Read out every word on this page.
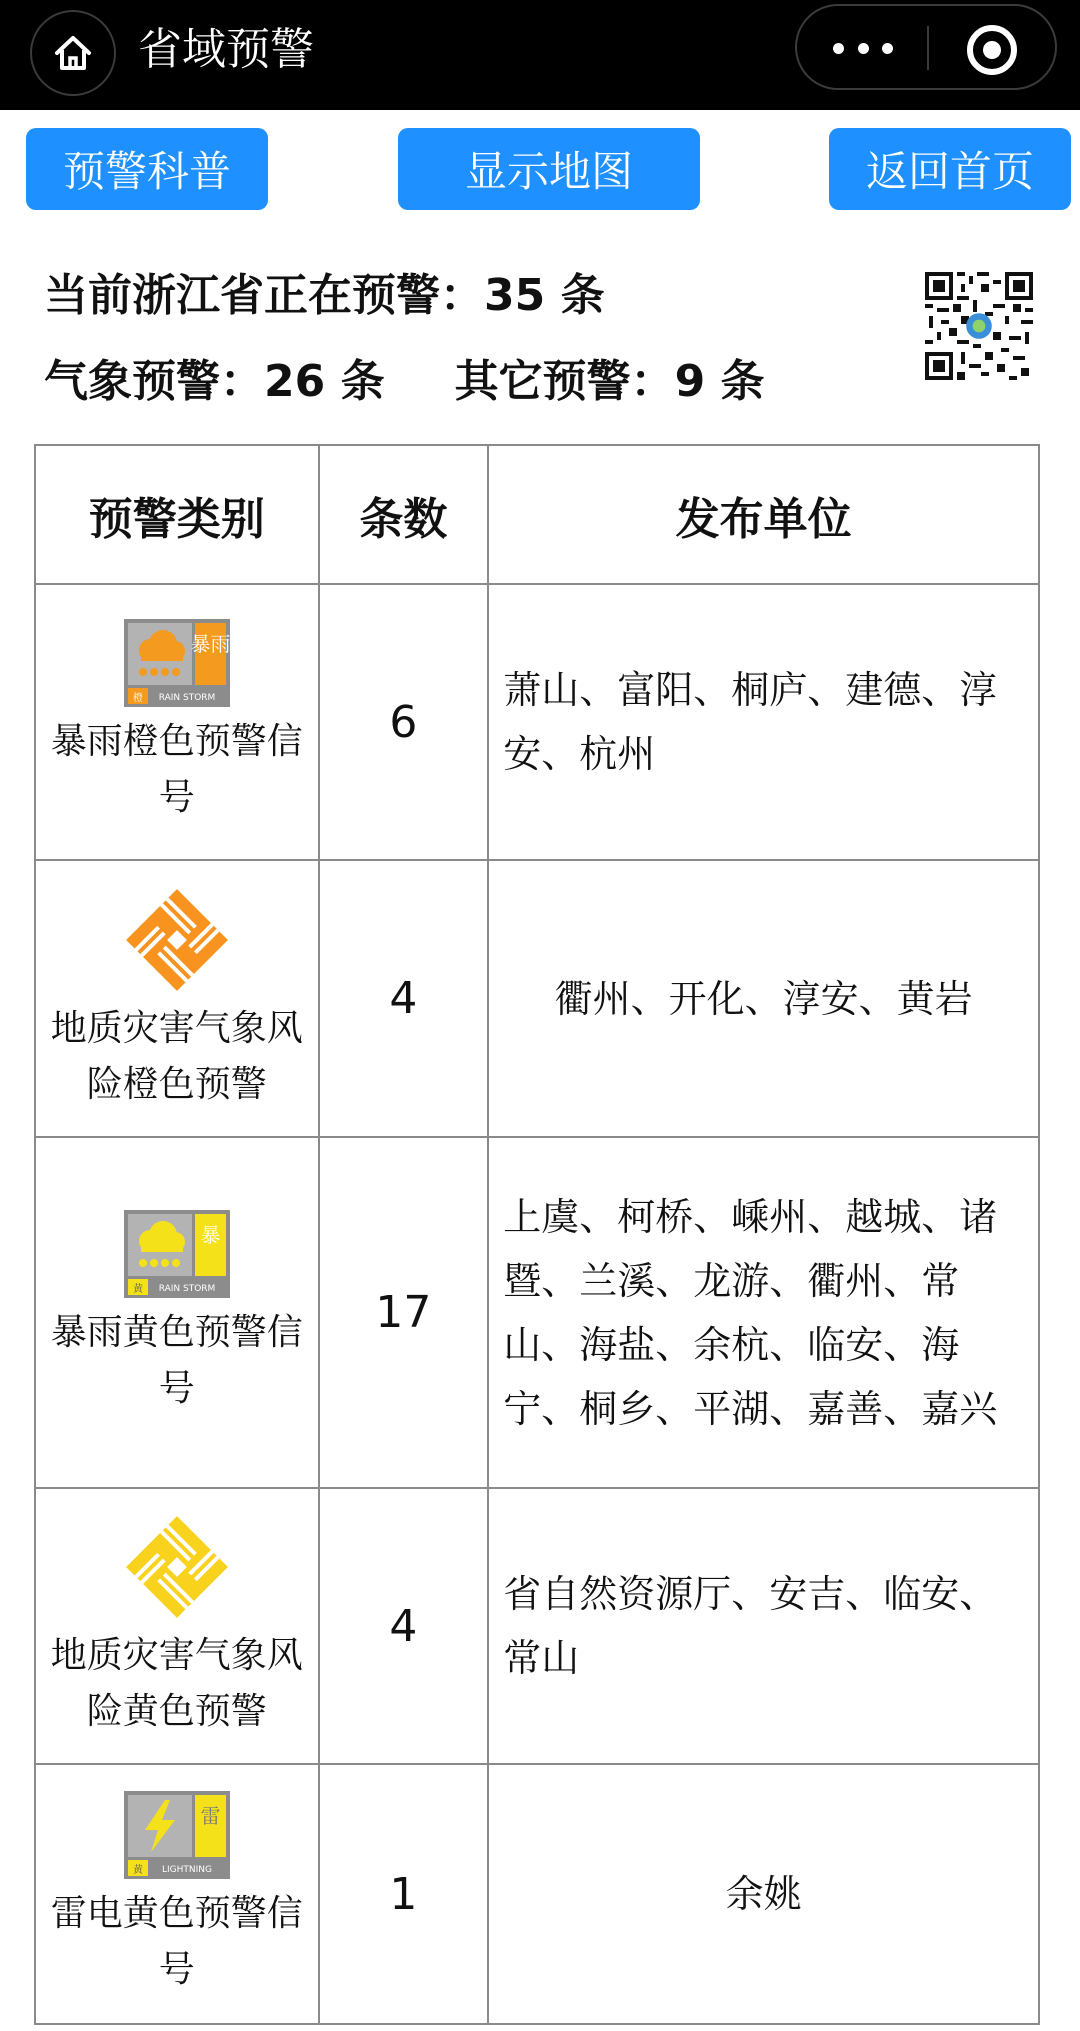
省域预警
预警科普	显示地图	返回首页
当前浙江省正在预警：35 条
气象预警：26 条 其它预警：9 条
预警类别	条数	发布单位

暴雨
橙 RAIN STORM
暴雨橙色预警信号	6	萧山、富阳、桐庐、建德、淳安、杭州

地质灾害气象风险橙色预警	4	衢州、开化、淳安、黄岩

暴
黄 RAIN STORM
暴雨黄色预警信号	17	上虞、柯桥、嵊州、越城、诸暨、兰溪、龙游、衢州、常山、海盐、余杭、临安、海宁、桐乡、平湖、嘉善、嘉兴

地质灾害气象风险黄色预警	4	省自然资源厅、安吉、临安、常山

雷
黄 LIGHTNING
雷电黄色预警信号	1	余姚
